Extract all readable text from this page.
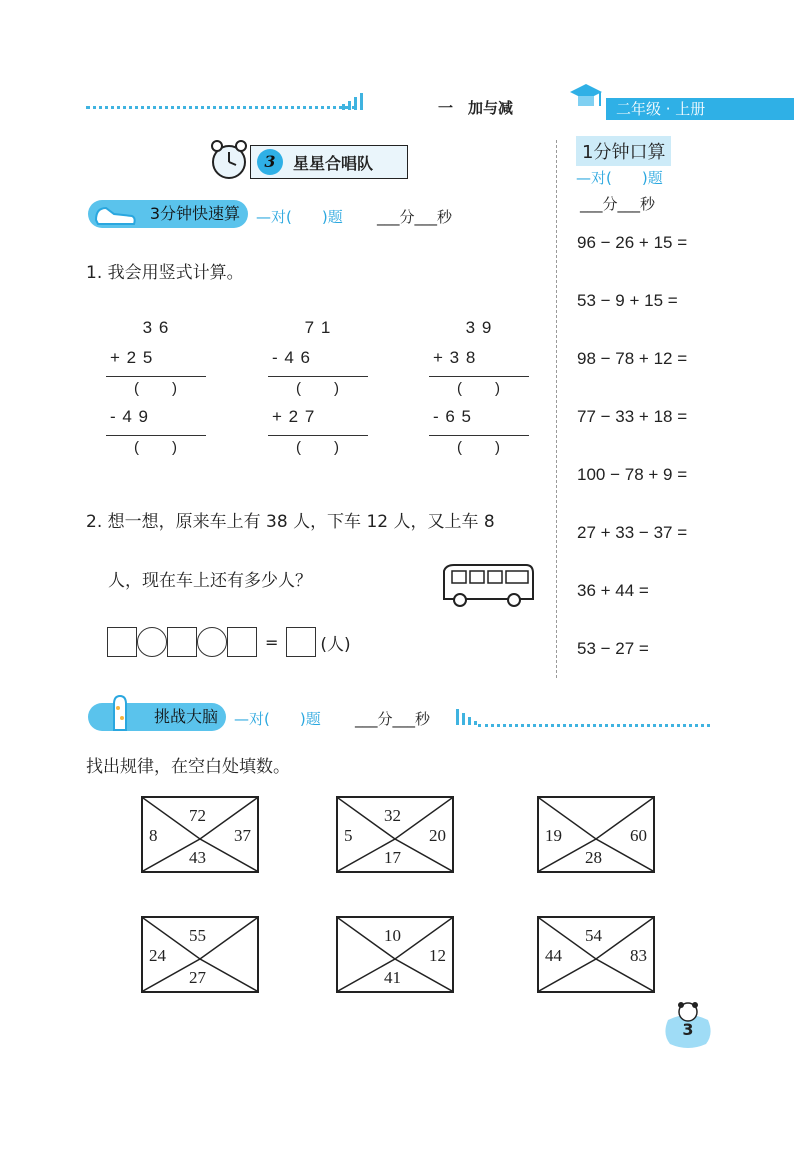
一　加与减	二年级 · 上册
3	星星合唱队
3分钟快速算	—对(　　)题 ___分___秒
1. 我会用竖式计算。
3 6
+ 2 5
(　　)
- 4 9
(　　)
7 1
- 4 6
(　　)
+ 2 7
(　　)
3 9
+ 3 8
(　　)
- 6 5
(　　)
2. 想一想，原来车上有 38 人，下车 12 人，又上车 8
人，现在车上还有多少人？
= (人)
1分钟口算
—对(　　)题
___分___秒
96 − 26 + 15 =
53 − 9 + 15 =
98 − 78 + 12 =
77 − 33 + 18 =
100 − 78 + 9 =
27 + 33 − 37 =
36 + 44 =
53 − 27 =
挑战大脑	—对(　　)题 ___分___秒
找出规律，在空白处填数。
72
8	37
43
32
5	20
17
19	60
28
55
24
27
10
12
41
54
44	83
3
